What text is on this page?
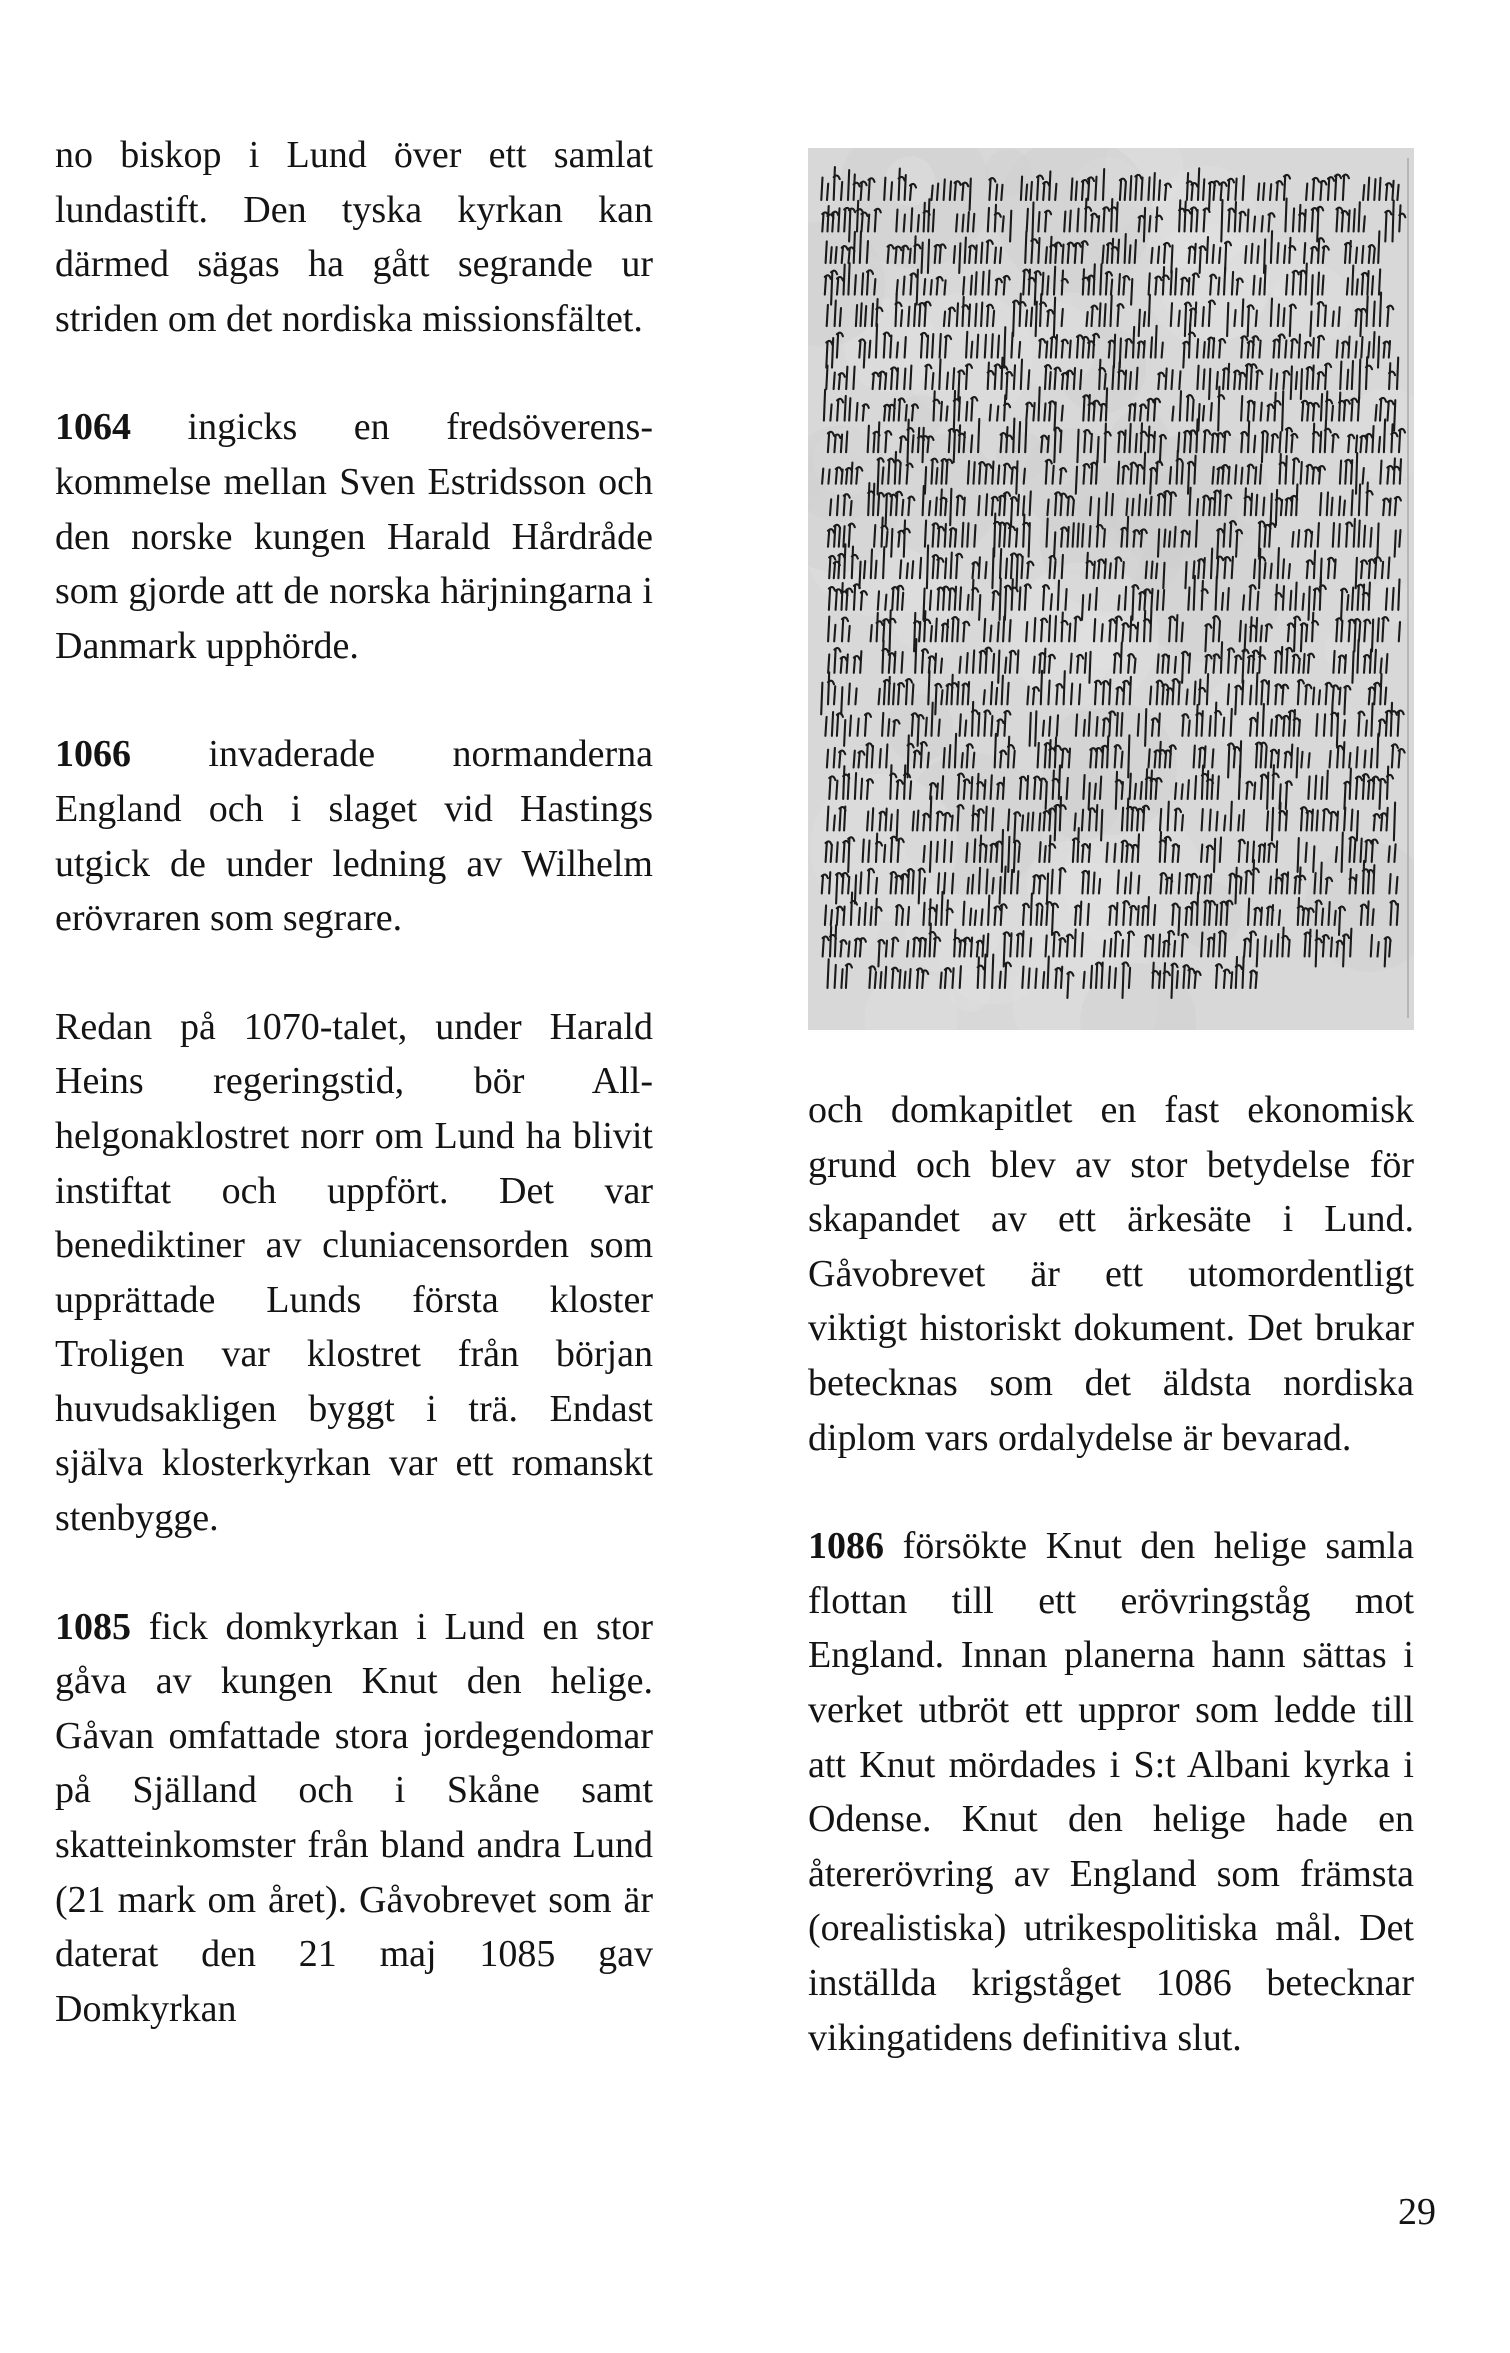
no biskop i Lund över ett samlat lundastift. Den tyska kyrkan kan därmed sägas ha gått segrande ur striden om det nordiska missionsfältet.

1064 ingicks en fredsöverenskommelse mellan Sven Estridsson och den norske kungen Harald Hårdråde som gjorde att de norska härjningarna i Danmark upphörde.

1066 invaderade normanderna England och i slaget vid Hastings utgick de under ledning av Wilhelm erövraren som segrare.

Redan på 1070-talet, under Harald Heins regeringstid, bör Allhelgonaklostret norr om Lund ha blivit instiftat och uppfört. Det var benediktiner av cluniacensorden som upprättade Lunds första kloster Troligen var klostret från början huvudsakligen byggt i trä. Endast själva klosterkyrkan var ett romanskt stenbygge.

1085 fick domkyrkan i Lund en stor gåva av kungen Knut den helige. Gåvan omfattade stora jordegendomar på Själland och i Skåne samt skatteinkomster från bland andra Lund (21 mark om året). Gåvobrevet som är daterat den 21 maj 1085 gav Domkyrkan

och domkapitlet en fast ekonomisk grund och blev av stor betydelse för skapandet av ett ärkesäte i Lund. Gåvobrevet är ett utomordentligt viktigt historiskt dokument. Det brukar betecknas som det äldsta nordiska diplom vars ordalydelse är bevarad.

1086 försökte Knut den helige samla flottan till ett erövringståg mot England. Innan planerna hann sättas i verket utbröt ett uppror som ledde till att Knut mördades i S:t Albani kyrka i Odense. Knut den helige hade en återerövring av England som främsta (orealistiska) utrikespolitiska mål. Det inställda krigståget 1086 betecknar vikingatidens definitiva slut.

29
